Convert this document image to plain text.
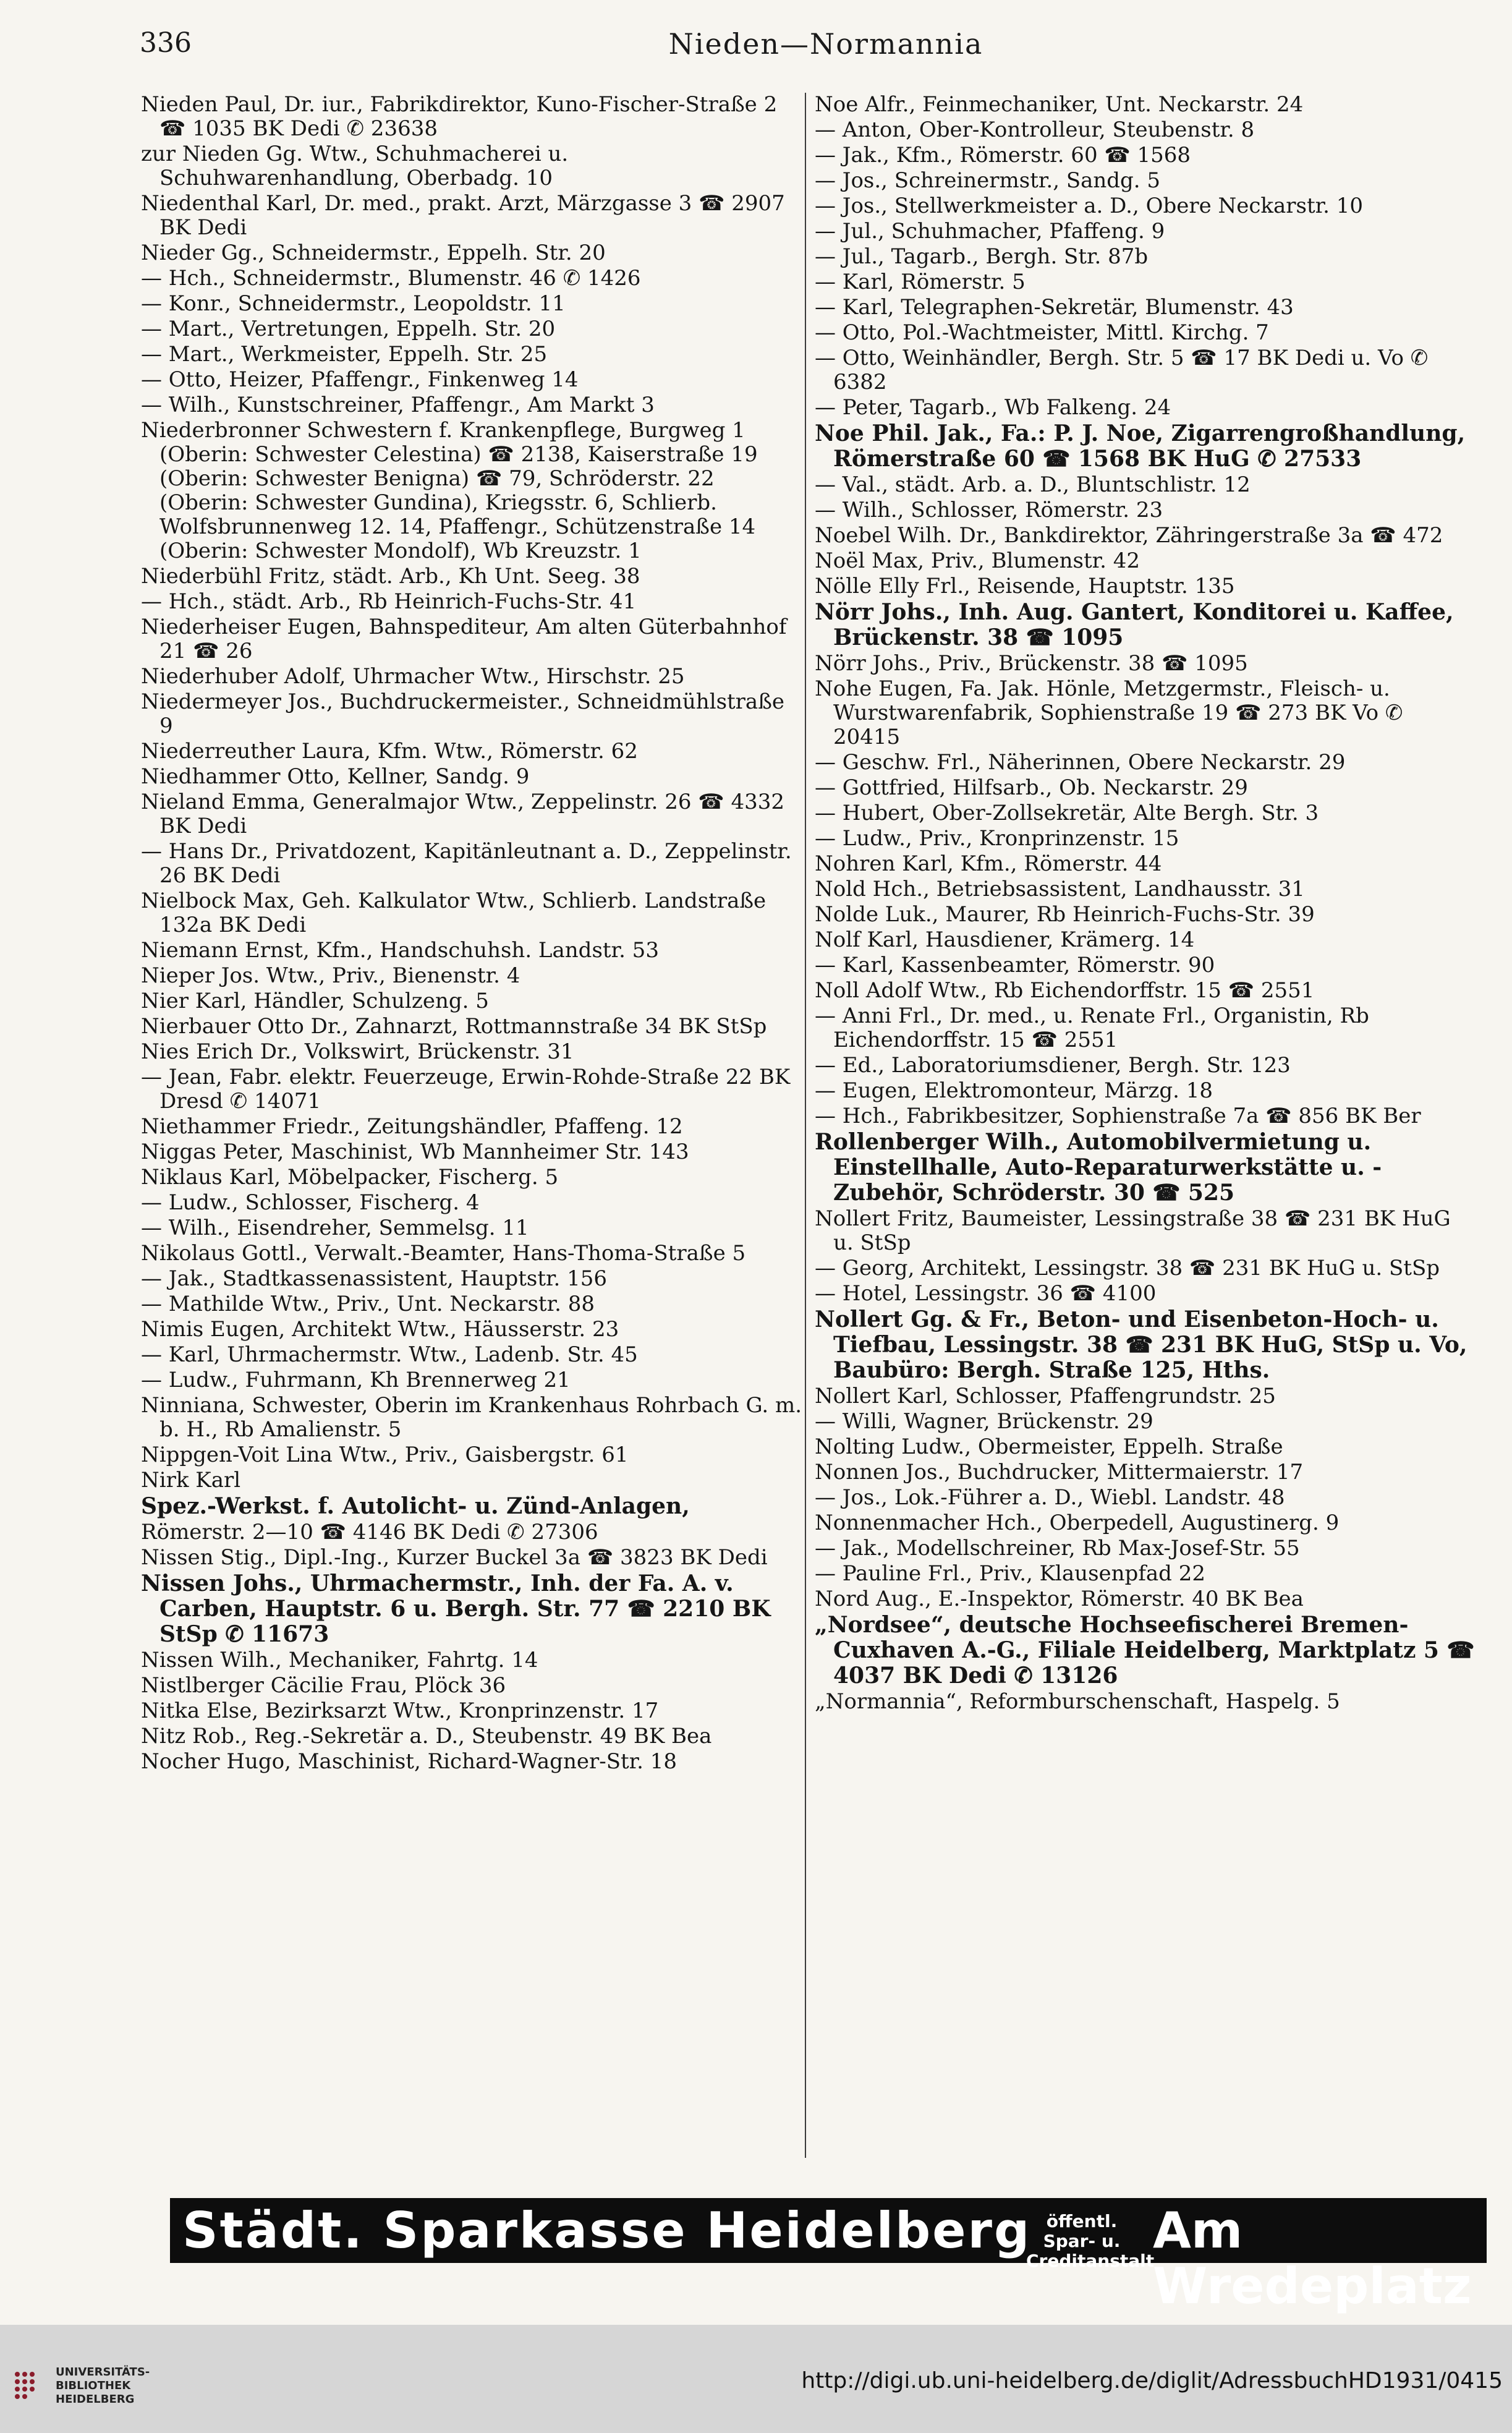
336	Nieden—Normannia

Nieden Paul, Dr. iur., Fabrikdirektor, Kuno-Fischer-Straße 2 ☎ 1035 BK Dedi ✆ 23638

zur Nieden Gg. Wtw., Schuhmacherei u. Schuhwarenhandlung, Oberbadg. 10

Niedenthal Karl, Dr. med., prakt. Arzt, Märzgasse 3 ☎ 2907 BK Dedi

Nieder Gg., Schneidermstr., Eppelh. Str. 20

— Hch., Schneidermstr., Blumenstr. 46 ✆ 1426

— Konr., Schneidermstr., Leopoldstr. 11

— Mart., Vertretungen, Eppelh. Str. 20

— Mart., Werkmeister, Eppelh. Str. 25

— Otto, Heizer, Pfaffengr., Finkenweg 14

— Wilh., Kunstschreiner, Pfaffengr., Am Markt 3

Niederbronner Schwestern f. Krankenpflege, Burgweg 1 (Oberin: Schwester Celestina) ☎ 2138, Kaiserstraße 19 (Oberin: Schwester Benigna) ☎ 79, Schröderstr. 22 (Oberin: Schwester Gundina), Kriegsstr. 6, Schlierb. Wolfsbrunnenweg 12. 14, Pfaffengr., Schützenstraße 14 (Oberin: Schwester Mondolf), Wb Kreuzstr. 1

Niederbühl Fritz, städt. Arb., Kh Unt. Seeg. 38

— Hch., städt. Arb., Rb Heinrich-Fuchs-Str. 41

Niederheiser Eugen, Bahnspediteur, Am alten Güterbahnhof 21 ☎ 26

Niederhuber Adolf, Uhrmacher Wtw., Hirschstr. 25

Niedermeyer Jos., Buchdruckermeister., Schneidmühlstraße 9

Niederreuther Laura, Kfm. Wtw., Römerstr. 62

Niedhammer Otto, Kellner, Sandg. 9

Nieland Emma, Generalmajor Wtw., Zeppelinstr. 26 ☎ 4332 BK Dedi

— Hans Dr., Privatdozent, Kapitänleutnant a. D., Zeppelinstr. 26 BK Dedi

Nielbock Max, Geh. Kalkulator Wtw., Schlierb. Landstraße 132a BK Dedi

Niemann Ernst, Kfm., Handschuhsh. Landstr. 53

Nieper Jos. Wtw., Priv., Bienenstr. 4

Nier Karl, Händler, Schulzeng. 5

Nierbauer Otto Dr., Zahnarzt, Rottmannstraße 34 BK StSp

Nies Erich Dr., Volkswirt, Brückenstr. 31

— Jean, Fabr. elektr. Feuerzeuge, Erwin-Rohde-Straße 22 BK Dresd ✆ 14071

Niethammer Friedr., Zeitungshändler, Pfaffeng. 12

Niggas Peter, Maschinist, Wb Mannheimer Str. 143

Niklaus Karl, Möbelpacker, Fischerg. 5

— Ludw., Schlosser, Fischerg. 4

— Wilh., Eisendreher, Semmelsg. 11

Nikolaus Gottl., Verwalt.-Beamter, Hans-Thoma-Straße 5

— Jak., Stadtkassenassistent, Hauptstr. 156

— Mathilde Wtw., Priv., Unt. Neckarstr. 88

Nimis Eugen, Architekt Wtw., Häusserstr. 23

— Karl, Uhrmachermstr. Wtw., Ladenb. Str. 45

— Ludw., Fuhrmann, Kh Brennerweg 21

Ninniana, Schwester, Oberin im Krankenhaus Rohrbach G. m. b. H., Rb Amalienstr. 5

Nippgen-Voit Lina Wtw., Priv., Gaisbergstr. 61

Nirk Karl

Spez.-Werkst. f. Autolicht- u. Zünd-Anlagen,

Römerstr. 2—10 ☎ 4146 BK Dedi ✆ 27306

Nissen Stig., Dipl.-Ing., Kurzer Buckel 3a ☎ 3823 BK Dedi

Nissen Johs., Uhrmachermstr., Inh. der Fa. A. v. Carben, Hauptstr. 6 u. Bergh. Str. 77 ☎ 2210 BK StSp ✆ 11673

Nissen Wilh., Mechaniker, Fahrtg. 14

Nistlberger Cäcilie Frau, Plöck 36

Nitka Else, Bezirksarzt Wtw., Kronprinzenstr. 17

Nitz Rob., Reg.-Sekretär a. D., Steubenstr. 49 BK Bea

Nocher Hugo, Maschinist, Richard-Wagner-Str. 18

Noe Alfr., Feinmechaniker, Unt. Neckarstr. 24

— Anton, Ober-Kontrolleur, Steubenstr. 8

— Jak., Kfm., Römerstr. 60 ☎ 1568

— Jos., Schreinermstr., Sandg. 5

— Jos., Stellwerkmeister a. D., Obere Neckarstr. 10

— Jul., Schuhmacher, Pfaffeng. 9

— Jul., Tagarb., Bergh. Str. 87b

— Karl, Römerstr. 5

— Karl, Telegraphen-Sekretär, Blumenstr. 43

— Otto, Pol.-Wachtmeister, Mittl. Kirchg. 7

— Otto, Weinhändler, Bergh. Str. 5 ☎ 17 BK Dedi u. Vo ✆ 6382

— Peter, Tagarb., Wb Falkeng. 24

Noe Phil. Jak., Fa.: P. J. Noe, Zigarrengroßhandlung, Römerstraße 60 ☎ 1568 BK HuG ✆ 27533

— Val., städt. Arb. a. D., Bluntschlistr. 12

— Wilh., Schlosser, Römerstr. 23

Noebel Wilh. Dr., Bankdirektor, Zähringerstraße 3a ☎ 472

Noël Max, Priv., Blumenstr. 42

Nölle Elly Frl., Reisende, Hauptstr. 135

Nörr Johs., Inh. Aug. Gantert, Konditorei u. Kaffee, Brückenstr. 38 ☎ 1095

Nörr Johs., Priv., Brückenstr. 38 ☎ 1095

Nohe Eugen, Fa. Jak. Hönle, Metzgermstr., Fleisch- u. Wurstwarenfabrik, Sophienstraße 19 ☎ 273 BK Vo ✆ 20415

— Geschw. Frl., Näherinnen, Obere Neckarstr. 29

— Gottfried, Hilfsarb., Ob. Neckarstr. 29

— Hubert, Ober-Zollsekretär, Alte Bergh. Str. 3

— Ludw., Priv., Kronprinzenstr. 15

Nohren Karl, Kfm., Römerstr. 44

Nold Hch., Betriebsassistent, Landhausstr. 31

Nolde Luk., Maurer, Rb Heinrich-Fuchs-Str. 39

Nolf Karl, Hausdiener, Krämerg. 14

— Karl, Kassenbeamter, Römerstr. 90

Noll Adolf Wtw., Rb Eichendorffstr. 15 ☎ 2551

— Anni Frl., Dr. med., u. Renate Frl., Organistin, Rb Eichendorffstr. 15 ☎ 2551

— Ed., Laboratoriumsdiener, Bergh. Str. 123

— Eugen, Elektromonteur, Märzg. 18

— Hch., Fabrikbesitzer, Sophienstraße 7a ☎ 856 BK Ber

Rollenberger Wilh., Automobilvermietung u. Einstellhalle, Auto-Reparaturwerkstätte u. -Zubehör, Schröderstr. 30 ☎ 525

Nollert Fritz, Baumeister, Lessingstraße 38 ☎ 231 BK HuG u. StSp

— Georg, Architekt, Lessingstr. 38 ☎ 231 BK HuG u. StSp

— Hotel, Lessingstr. 36 ☎ 4100

Nollert Gg. & Fr., Beton- und Eisenbeton-Hoch- u. Tiefbau, Lessingstr. 38 ☎ 231 BK HuG, StSp u. Vo, Baubüro: Bergh. Straße 125, Hths.

Nollert Karl, Schlosser, Pfaffengrundstr. 25

— Willi, Wagner, Brückenstr. 29

Nolting Ludw., Obermeister, Eppelh. Straße

Nonnen Jos., Buchdrucker, Mittermaierstr. 17

— Jos., Lok.-Führer a. D., Wiebl. Landstr. 48

Nonnenmacher Hch., Oberpedell, Augustinerg. 9

— Jak., Modellschreiner, Rb Max-Josef-Str. 55

— Pauline Frl., Priv., Klausenpfad 22

Nord Aug., E.-Inspektor, Römerstr. 40 BK Bea

„Nordsee“, deutsche Hochseefischerei Bremen-Cuxhaven A.-G., Filiale Heidelberg, Marktplatz 5 ☎ 4037 BK Dedi ✆ 13126

„Normannia“, Reformburschenschaft, Haspelg. 5

Städt. Sparkasse Heidelberg öffentl. Spar- u.
Creditanstalt
Am Wredeplatz
UNIVERSITÄTS-
BIBLIOTHEK
HEIDELBERG
http://digi.ub.uni-heidelberg.de/diglit/AdressbuchHD1931/0415
